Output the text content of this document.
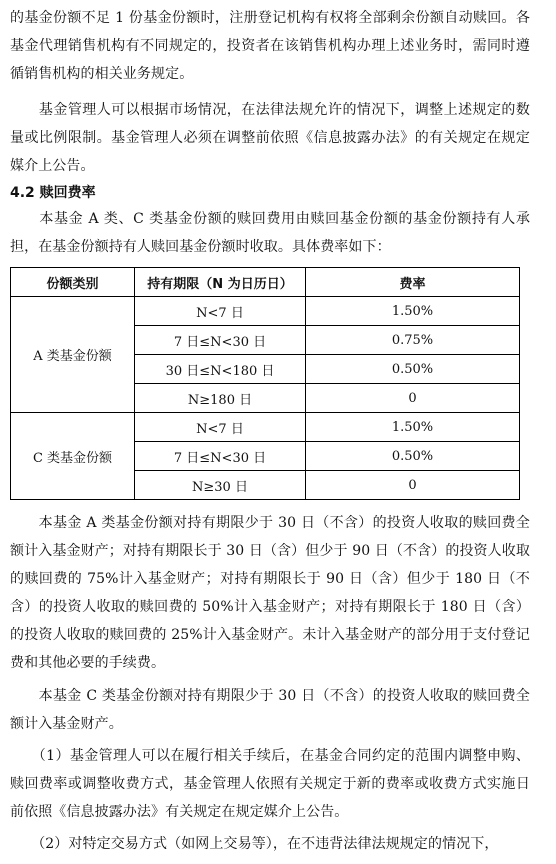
的基金份额不足 1 份基金份额时，注册登记机构有权将全部剩余份额自动赎回。各基金代理销售机构有不同规定的，投资者在该销售机构办理上述业务时，需同时遵循销售机构的相关业务规定。

　　基金管理人可以根据市场情况，在法律法规允许的情况下，调整上述规定的数量或比例限制。基金管理人必须在调整前依照《信息披露办法》的有关规定在规定媒介上公告。

4.2 赎回费率

　　本基金 A 类、C 类基金份额的赎回费用由赎回基金份额的基金份额持有人承担，在基金份额持有人赎回基金份额时收取。具体费率如下：

份额类别	持有期限（N 为日历日）	费率
A 类基金份额	N<7 日	1.50%
	7 日≤N<30 日	0.75%
	30 日≤N<180 日	0.50%
	N≥180 日	0
C 类基金份额	N<7 日	1.50%
	7 日≤N<30 日	0.50%
	N≥30 日	0

　　本基金 A 类基金份额对持有期限少于 30 日（不含）的投资人收取的赎回费全额计入基金财产；对持有期限长于 30 日（含）但少于 90 日（不含）的投资人收取的赎回费的 75%计入基金财产；对持有期限长于 90 日（含）但少于 180 日（不含）的投资人收取的赎回费的 50%计入基金财产；对持有期限长于 180 日（含）的投资人收取的赎回费的 25%计入基金财产。未计入基金财产的部分用于支付登记费和其他必要的手续费。

　　本基金 C 类基金份额对持有期限少于 30 日（不含）的投资人收取的赎回费全额计入基金财产。

　　（1）基金管理人可以在履行相关手续后，在基金合同约定的范围内调整申购、赎回费率或调整收费方式，基金管理人依照有关规定于新的费率或收费方式实施日前依照《信息披露办法》有关规定在规定媒介上公告。

　　（2）对特定交易方式（如网上交易等），在不违背法律法规规定的情况下，
